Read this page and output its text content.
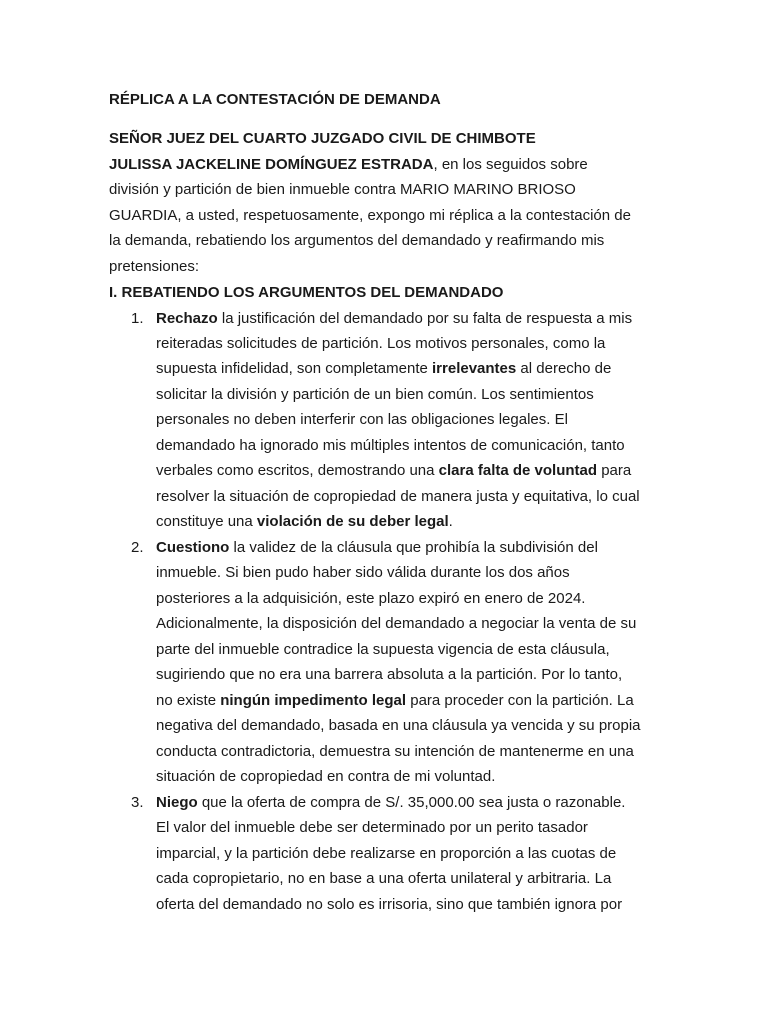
RÉPLICA A LA CONTESTACIÓN DE DEMANDA
SEÑOR JUEZ DEL CUARTO JUZGADO CIVIL DE CHIMBOTE
JULISSA JACKELINE DOMÍNGUEZ ESTRADA, en los seguidos sobre
división y partición de bien inmueble contra MARIO MARINO BRIOSO
GUARDIA, a usted, respetuosamente, expongo mi réplica a la contestación de
la demanda, rebatiendo los argumentos del demandado y reafirmando mis
pretensiones:
I. REBATIENDO LOS ARGUMENTOS DEL DEMANDADO
1. Rechazo la justificación del demandado por su falta de respuesta a mis
reiteradas solicitudes de partición. Los motivos personales, como la
supuesta infidelidad, son completamente irrelevantes al derecho de
solicitar la división y partición de un bien común. Los sentimientos
personales no deben interferir con las obligaciones legales. El
demandado ha ignorado mis múltiples intentos de comunicación, tanto
verbales como escritos, demostrando una clara falta de voluntad para
resolver la situación de copropiedad de manera justa y equitativa, lo cual
constituye una violación de su deber legal.
2. Cuestiono la validez de la cláusula que prohibía la subdivisión del
inmueble. Si bien pudo haber sido válida durante los dos años
posteriores a la adquisición, este plazo expiró en enero de 2024.
Adicionalmente, la disposición del demandado a negociar la venta de su
parte del inmueble contradice la supuesta vigencia de esta cláusula,
sugiriendo que no era una barrera absoluta a la partición. Por lo tanto,
no existe ningún impedimento legal para proceder con la partición. La
negativa del demandado, basada en una cláusula ya vencida y su propia
conducta contradictoria, demuestra su intención de mantenerme en una
situación de copropiedad en contra de mi voluntad.
3. Niego que la oferta de compra de S/. 35,000.00 sea justa o razonable.
El valor del inmueble debe ser determinado por un perito tasador
imparcial, y la partición debe realizarse en proporción a las cuotas de
cada copropietario, no en base a una oferta unilateral y arbitraria. La
oferta del demandado no solo es irrisoria, sino que también ignora por
